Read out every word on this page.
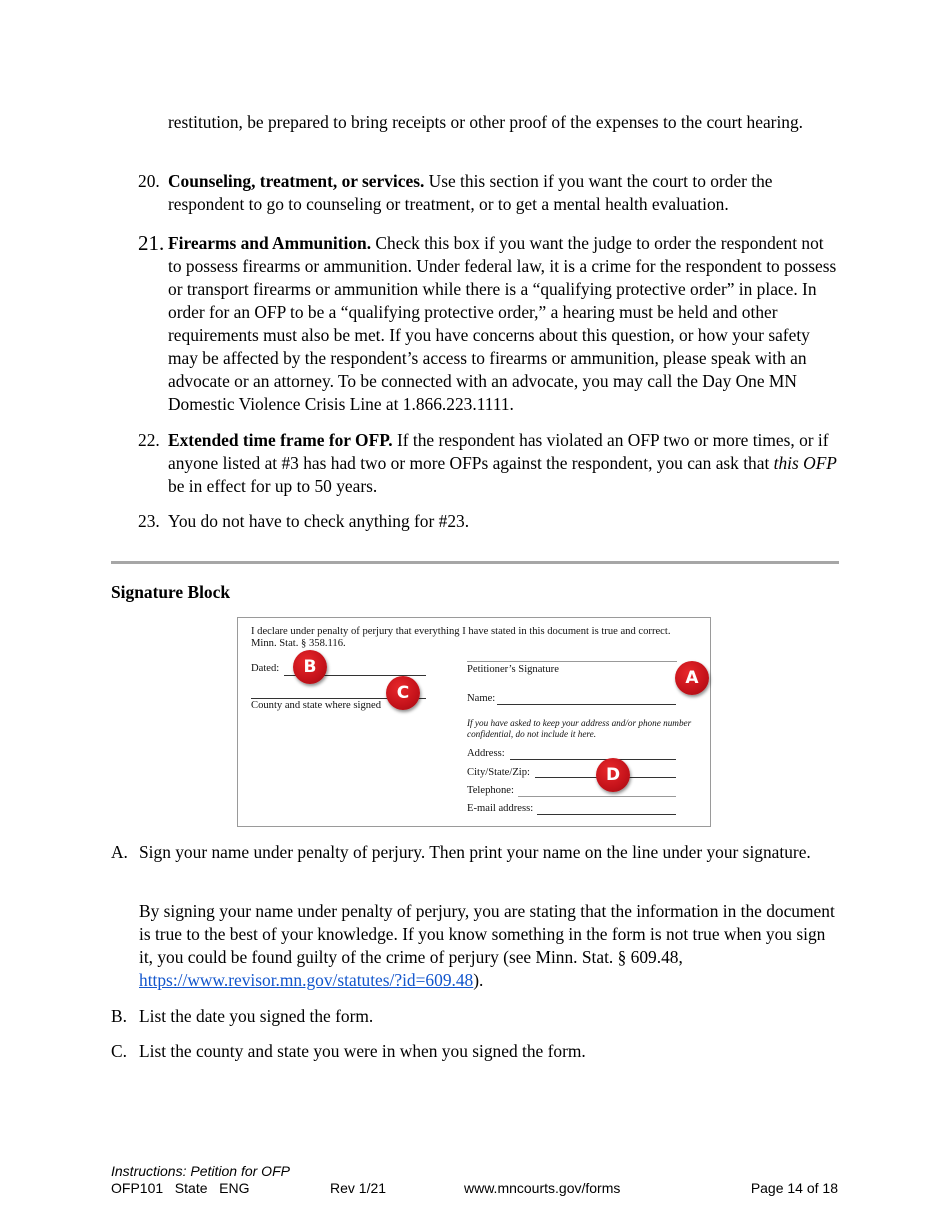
restitution, be prepared to bring receipts or other proof of the expenses to the court hearing.

20. Counseling, treatment, or services. Use this section if you want the court to order the respondent to go to counseling or treatment, or to get a mental health evaluation.

21. Firearms and Ammunition. Check this box if you want the judge to order the respondent not to possess firearms or ammunition. Under federal law, it is a crime for the respondent to possess or transport firearms or ammunition while there is a “qualifying protective order” in place. In order for an OFP to be a “qualifying protective order,” a hearing must be held and other requirements must also be met. If you have concerns about this question, or how your safety may be affected by the respondent’s access to firearms or ammunition, please speak with an advocate or an attorney. To be connected with an advocate, you may call the Day One MN Domestic Violence Crisis Line at 1.866.223.1111.

22. Extended time frame for OFP. If the respondent has violated an OFP two or more times, or if anyone listed at #3 has had two or more OFPs against the respondent, you can ask that this OFP be in effect for up to 50 years.

23. You do not have to check anything for #23.

Signature Block
I declare under penalty of perjury that everything I have stated in this document is true and correct. Minn. Stat. § 358.116.
Dated:
County and state where signed
Petitioner’s Signature
Name:
If you have asked to keep your address and/or phone number confidential, do not include it here.
Address:
City/State/Zip:
Telephone:
E-mail address:
B
C
A
D
A. Sign your name under penalty of perjury. Then print your name on the line under your signature.

By signing your name under penalty of perjury, you are stating that the information in the document is true to the best of your knowledge. If you know something in the form is not true when you sign it, you could be found guilty of the crime of perjury (see Minn. Stat. § 609.48, https://www.revisor.mn.gov/statutes/?id=609.48).

B. List the date you signed the form.

C. List the county and state you were in when you signed the form.

Instructions: Petition for OFP
OFP101   State   ENG	Rev 1/21	www.mncourts.gov/forms	Page 14 of 18
